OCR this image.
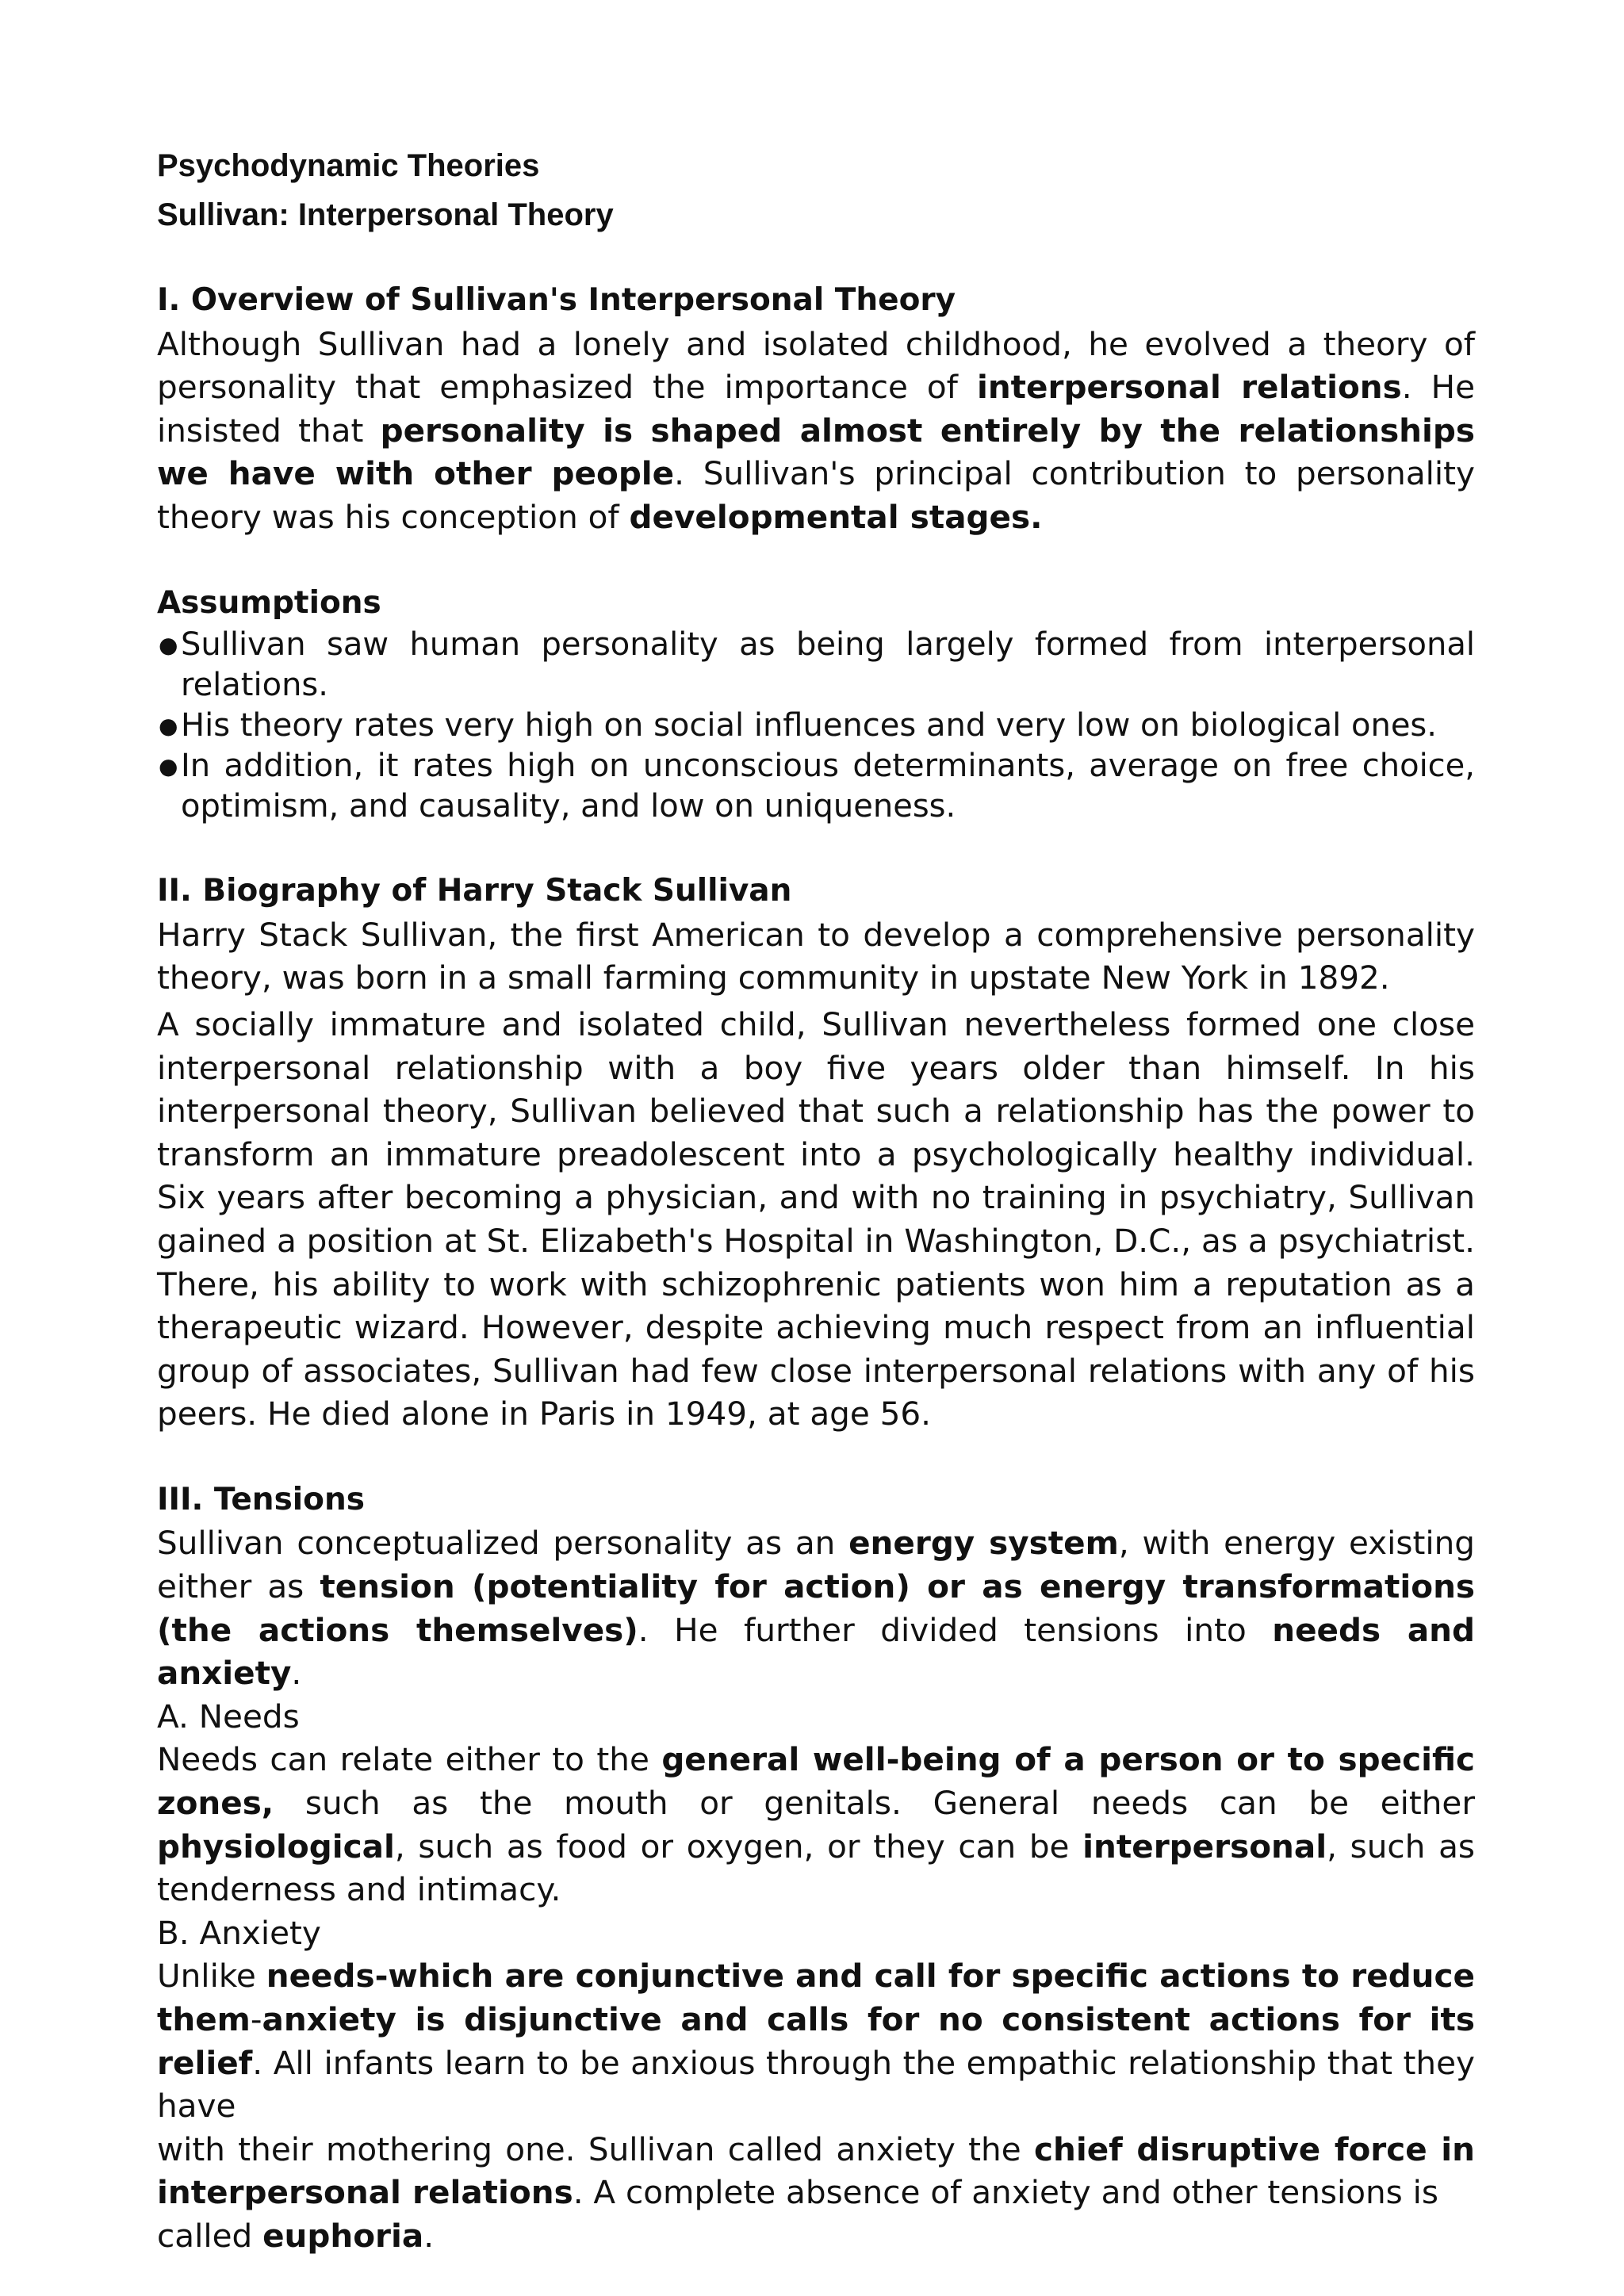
Psychodynamic Theories
Sullivan: Interpersonal Theory
I. Overview of Sullivan's Interpersonal Theory

Although Sullivan had a lonely and isolated childhood, he evolved a theory of personality that emphasized the importance of interpersonal relations. He insisted that personality is shaped almost entirely by the relationships we have with other people. Sullivan's principal contribution to personality theory was his conception of developmental stages.

Assumptions
● Sullivan saw human personality as being largely formed from interpersonal relations.
● His theory rates very high on social influences and very low on biological ones.
● In addition, it rates high on unconscious determinants, average on free choice, optimism, and causality, and low on uniqueness.
II. Biography of Harry Stack Sullivan

Harry Stack Sullivan, the first American to develop a comprehensive personality theory, was born in a small farming community in upstate New York in 1892.

A socially immature and isolated child, Sullivan nevertheless formed one close interpersonal relationship with a boy five years older than himself. In his interpersonal theory, Sullivan believed that such a relationship has the power to transform an immature preadolescent into a psychologically healthy individual. Six years after becoming a physician, and with no training in psychiatry, Sullivan gained a position at St. Elizabeth's Hospital in Washington, D.C., as a psychiatrist. There, his ability to work with schizophrenic patients won him a reputation as a therapeutic wizard. However, despite achieving much respect from an influential group of associates, Sullivan had few close interpersonal relations with any of his peers. He died alone in Paris in 1949, at age 56.

III. Tensions

Sullivan conceptualized personality as an energy system, with energy existing either as tension (potentiality for action) or as energy transformations (the actions themselves). He further divided tensions into needs and anxiety.

A. Needs

Needs can relate either to the general well-being of a person or to specific zones, such as the mouth or genitals. General needs can be either physiological, such as food or oxygen, or they can be interpersonal, such as tenderness and intimacy.

B. Anxiety

Unlike needs-which are conjunctive and call for specific actions to reduce them-anxiety is disjunctive and calls for no consistent actions for its relief. All infants learn to be anxious through the empathic relationship that they have

with their mothering one. Sullivan called anxiety the chief disruptive force in interpersonal relations. A complete absence of anxiety and other tensions is

called euphoria.
